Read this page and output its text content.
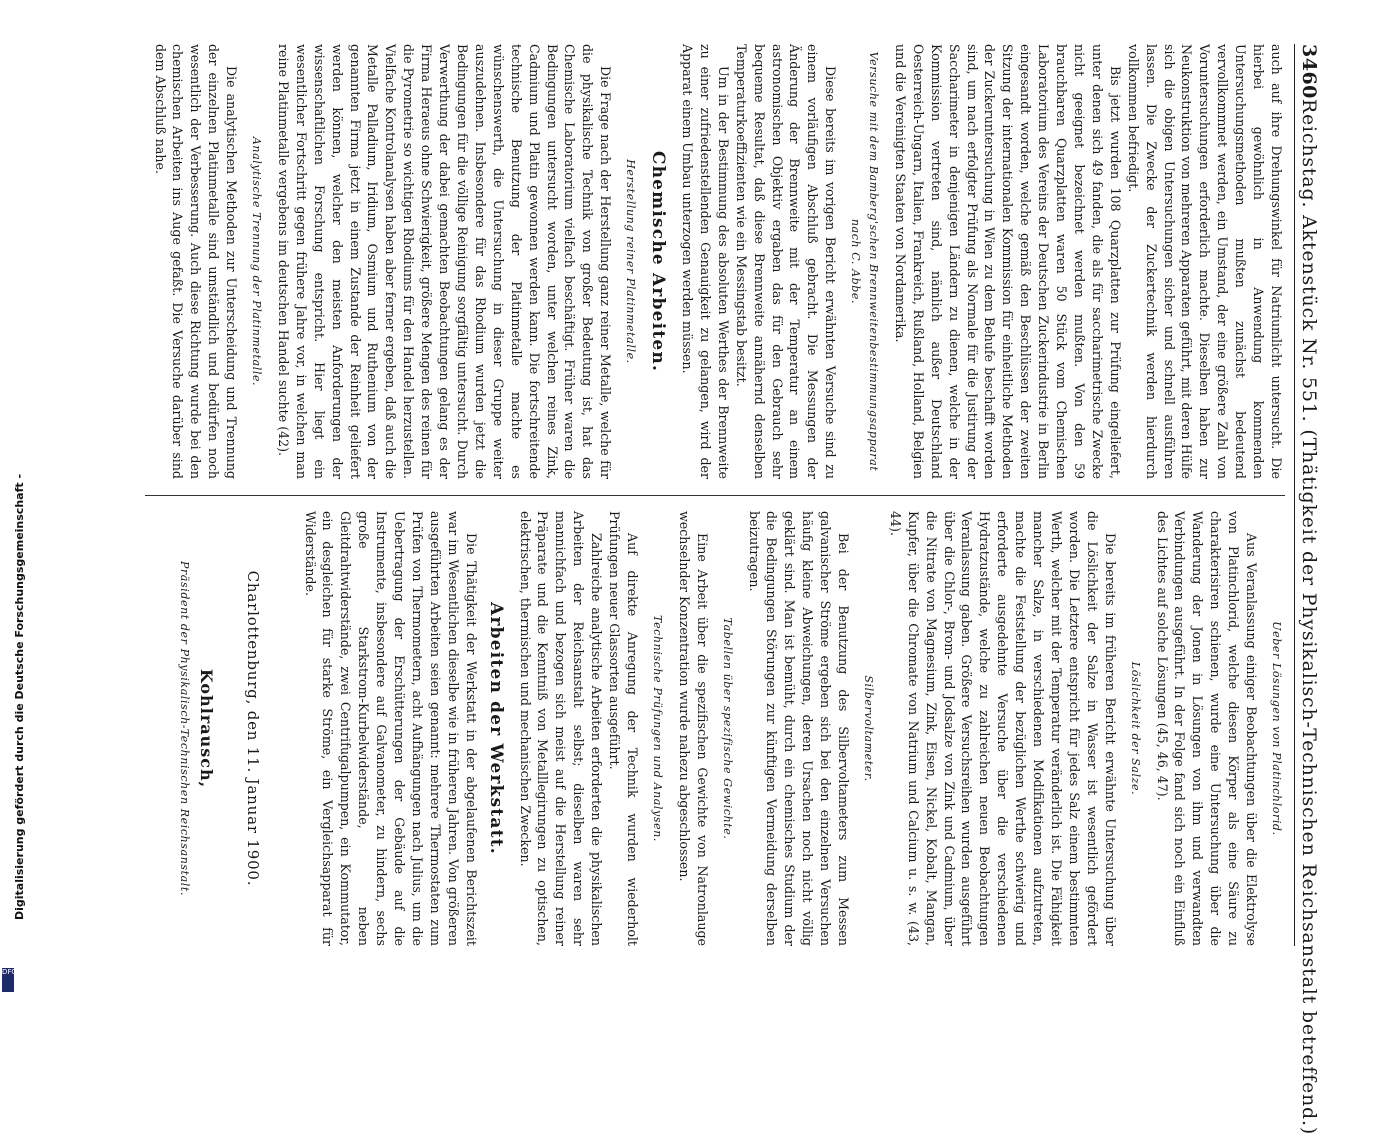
3460
Reichstag. Aktenstück Nr. 551. (Thätigkeit der Physikalisch-Technischen Reichsanstalt betreffend.)

auch auf ihre Drehungswinkel für Natriumlicht untersucht. Die hierbei gewöhnlich in Anwendung kommenden Untersuchungsmethoden mußten zunächst bedeutend vervollkommnet werden, ein Umstand, der eine größere Zahl von Voruntersuchungen erforderlich machte. Dieselben haben zur Neukonstruktion von mehreren Apparaten geführt, mit deren Hülfe sich die obigen Untersuchungen sicher und schnell ausführen lassen. Die Zwecke der Zuckertechnik werden hierdurch vollkommen befriedigt.

Bis jetzt wurden 108 Quarzplatten zur Prüfung eingeliefert, unter denen sich 49 fanden, die als für saccharimetrische Zwecke nicht geeignet bezeichnet werden mußten. Von den 59 brauchbaren Quarzplatten waren 50 Stück vom Chemischen Laboratorium des Vereins der Deutschen Zuckerindustrie in Berlin eingesandt worden, welche gemäß den Beschlüssen der zweiten Sitzung der internationalen Kommission für einheitliche Methoden der Zuckeruntersuchung in Wien zu dem Behufe beschafft worden sind, um nach erfolgter Prüfung als Normale für die Justirung der Saccharimeter in denjenigen Ländern zu dienen, welche in der Kommission vertreten sind, nämlich außer Deutschland Oesterreich-Ungarn, Italien, Frankreich, Rußland, Holland, Belgien und die Vereinigten Staaten von Nordamerika.

Versuche mit dem Bamberg'schen Brennweitenbestimmungsapparat nach C. Abbe.

Diese bereits im vorigen Bericht erwähnten Versuche sind zu einem vorläufigen Abschluß gebracht. Die Messungen der Änderung der Brennweite mit der Temperatur an einem astronomischen Objektiv ergaben das für den Gebrauch sehr bequeme Resultat, daß diese Brennweite annähernd denselben Temperaturkoeffizienten wie ein Messingstab besitzt.

Um in der Bestimmung des absoluten Werthes der Brennweite zu einer zufriedenstellenden Genauigkeit zu gelangen, wird der Apparat einem Umbau unterzogen werden müssen.

Chemische Arbeiten.
Herstellung reiner Platinmetalle.

Die Frage nach der Herstellung ganz reiner Metalle, welche für die physikalische Technik von großer Bedeutung ist, hat das Chemische Laboratorium vielfach beschäftigt. Früher waren die Bedingungen untersucht worden, unter welchen reines Zink, Cadmium und Platin gewonnen werden kann. Die fortschreitende technische Benutzung der Platinmetalle machte es wünschenswerth, die Untersuchung in dieser Gruppe weiter auszudehnen. Insbesondere für das Rhodium wurden jetzt die Bedingungen für die völlige Reinigung sorgfältig untersucht. Durch Verwerthung der dabei gemachten Beobachtungen gelang es der Firma Heraeus ohne Schwierigkeit, größere Mengen des reinen für die Pyrometrie so wichtigen Rhodiums für den Handel herzustellen. Vielfache Kontrolanalysen haben aber ferner ergeben, daß auch die Metalle Palladium, Iridium, Osmium und Ruthenium von der genannten Firma jetzt in einem Zustande der Reinheit geliefert werden können, welcher den meisten Anforderungen der wissenschaftlichen Forschung entspricht. Hier liegt ein wesentlicher Fortschritt gegen frühere Jahre vor, in welchen man reine Platinmetalle vergebens im deutschen Handel suchte (42).

Analytische Trennung der Platinmetalle.

Die analytischen Methoden zur Unterscheidung und Trennung der einzelnen Platinmetalle sind umständlich und bedürfen noch wesentlich der Verbesserung. Auch diese Richtung wurde bei den chemischen Arbeiten ins Auge gefaßt. Die Versuche darüber sind dem Abschluß nahe.

Ueber Lösungen von Platinchlorid.

Aus Veranlassung einiger Beobachtungen über die Elektrolyse von Platinchlorid, welche diesen Körper als eine Säure zu charakterisiren schienen, wurde eine Untersuchung über die Wanderung der Jonen in Lösungen von ihm und verwandten Verbindungen ausgeführt. In der Folge fand sich noch ein Einfluß des Lichtes auf solche Lösungen (45, 46, 47).

Löslichkeit der Salze.

Die bereits im früheren Bericht erwähnte Untersuchung über die Löslichkeit der Salze in Wasser ist wesentlich gefördert worden. Die Letztere entspricht für jedes Salz einem bestimmten Werth, welcher mit der Temperatur veränderlich ist. Die Fähigkeit mancher Salze, in verschiedenen Modifikationen aufzutreten, machte die Feststellung der bezüglichen Werthe schwierig und erforderte ausgedehnte Versuche über die verschiedenen Hydratzustände, welche zu zahlreichen neuen Beobachtungen Veranlassung gaben. Größere Versuchsreihen wurden ausgeführt über die Chlor-, Brom- und Jodsalze von Zink und Cadmium, über die Nitrate von Magnesium, Zink, Eisen, Nickel, Kobalt, Mangan, Kupfer, über die Chromate von Natrium und Calcium u. s. w. (43, 44).

Silbervoltameter.

Bei der Benutzung des Silbervoltameters zum Messen galvanischer Ströme ergeben sich bei den einzelnen Versuchen häufig kleine Abweichungen, deren Ursachen noch nicht völlig geklärt sind. Man ist bemüht, durch ein chemisches Studium der die Bedingungen Störungen zur künftigen Vermeidung derselben beizutragen.

Tabellen über spezifische Gewichte.

Eine Arbeit über die spezifischen Gewichte von Natronlauge wechselnder Konzentration wurde nahezu abgeschlossen.

Technische Prüfungen und Analysen.

Auf direkte Anregung der Technik wurden wiederholt Prüfungen neuer Glassorten ausgeführt.

Zahlreiche analytische Arbeiten erforderten die physikalischen Arbeiten der Reichsanstalt selbst; dieselben waren sehr mannichfach und bezogen sich meist auf die Herstellung reiner Präparate und die Kenntniß von Metalllegirungen zu optischen, elektrischen, thermischen und mechanischen Zwecken.

Arbeiten der Werkstatt.

Die Thätigkeit der Werkstatt in der abgelaufenen Berichtszeit war im Wesentlichen dieselbe wie in früheren Jahren. Von größeren ausgeführten Arbeiten seien genannt: mehrere Thermostaten zum Prüfen von Thermometern, acht Aufhängungen nach Julius, um die Uebertragung der Erschütterungen der Gebäude auf die Instrumente, insbesondere auf Galvanometer, zu hindern, sechs große Starkstrom-Kurbelwiderstände, neben Gleitdrahtwiderstände, zwei Centrifugalpumpen, ein Kommutator, ein desgleichen für starke Ströme, ein Vergleichsapparat für Widerstände.

Charlottenburg, den 11. Januar 1900.
Kohlrausch,
Präsident der Physikalisch-Technischen Reichsanstalt.
Digitalisierung gefördert durch die Deutsche Forschungsgemeinschaft -
DFG
